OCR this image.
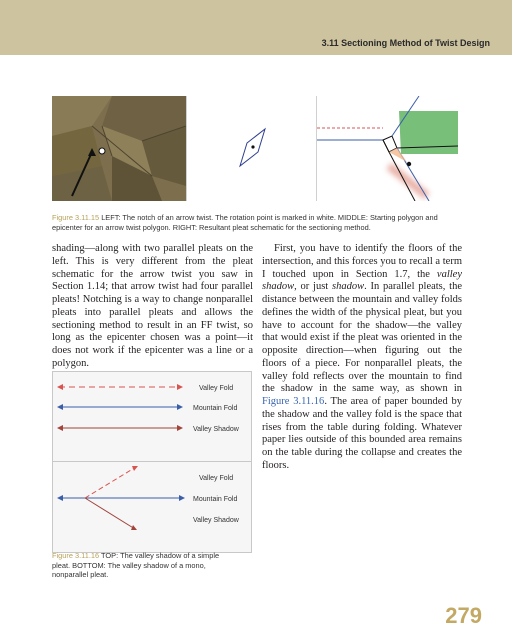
3.11 Sectioning Method of Twist Design
Figure 3.11.15 LEFT: The notch of an arrow twist. The rotation point is marked in white. MIDDLE: Starting polygon and epicenter for an arrow twist polygon. RIGHT: Resultant pleat schematic for the sectioning method.
shading—along with two parallel pleats on the left. This is very different from the pleat schematic for the arrow twist you saw in Section 1.14; that arrow twist had four parallel pleats! Notching is a way to change nonparallel pleats into parallel pleats and allows the sectioning method to result in an FF twist, so long as the epicenter chosen was a point—it does not work if the epicenter was a line or a polygon.
First, you have to identify the floors of the intersection, and this forces you to recall a term I touched upon in Section 1.7, the valley shadow, or just shadow. In parallel pleats, the distance between the mountain and valley folds defines the width of the physical pleat, but you have to account for the shadow—the valley that would exist if the pleat was oriented in the opposite direction—when figuring out the floors of a piece. For nonparallel pleats, the valley fold reflects over the mountain to find the shadow in the same way, as shown in Figure 3.11.16. The area of paper bounded by the shadow and the valley fold is the space that rises from the table during folding. Whatever paper lies outside of this bounded area remains on the table during the collapse and creates the floors.
Valley Fold
Mountain Fold
Valley Shadow
Valley Fold
Mountain Fold
Valley Shadow
Figure 3.11.16 TOP: The valley shadow of a simple pleat. BOTTOM: The valley shadow of a mono, nonparallel pleat.
279
